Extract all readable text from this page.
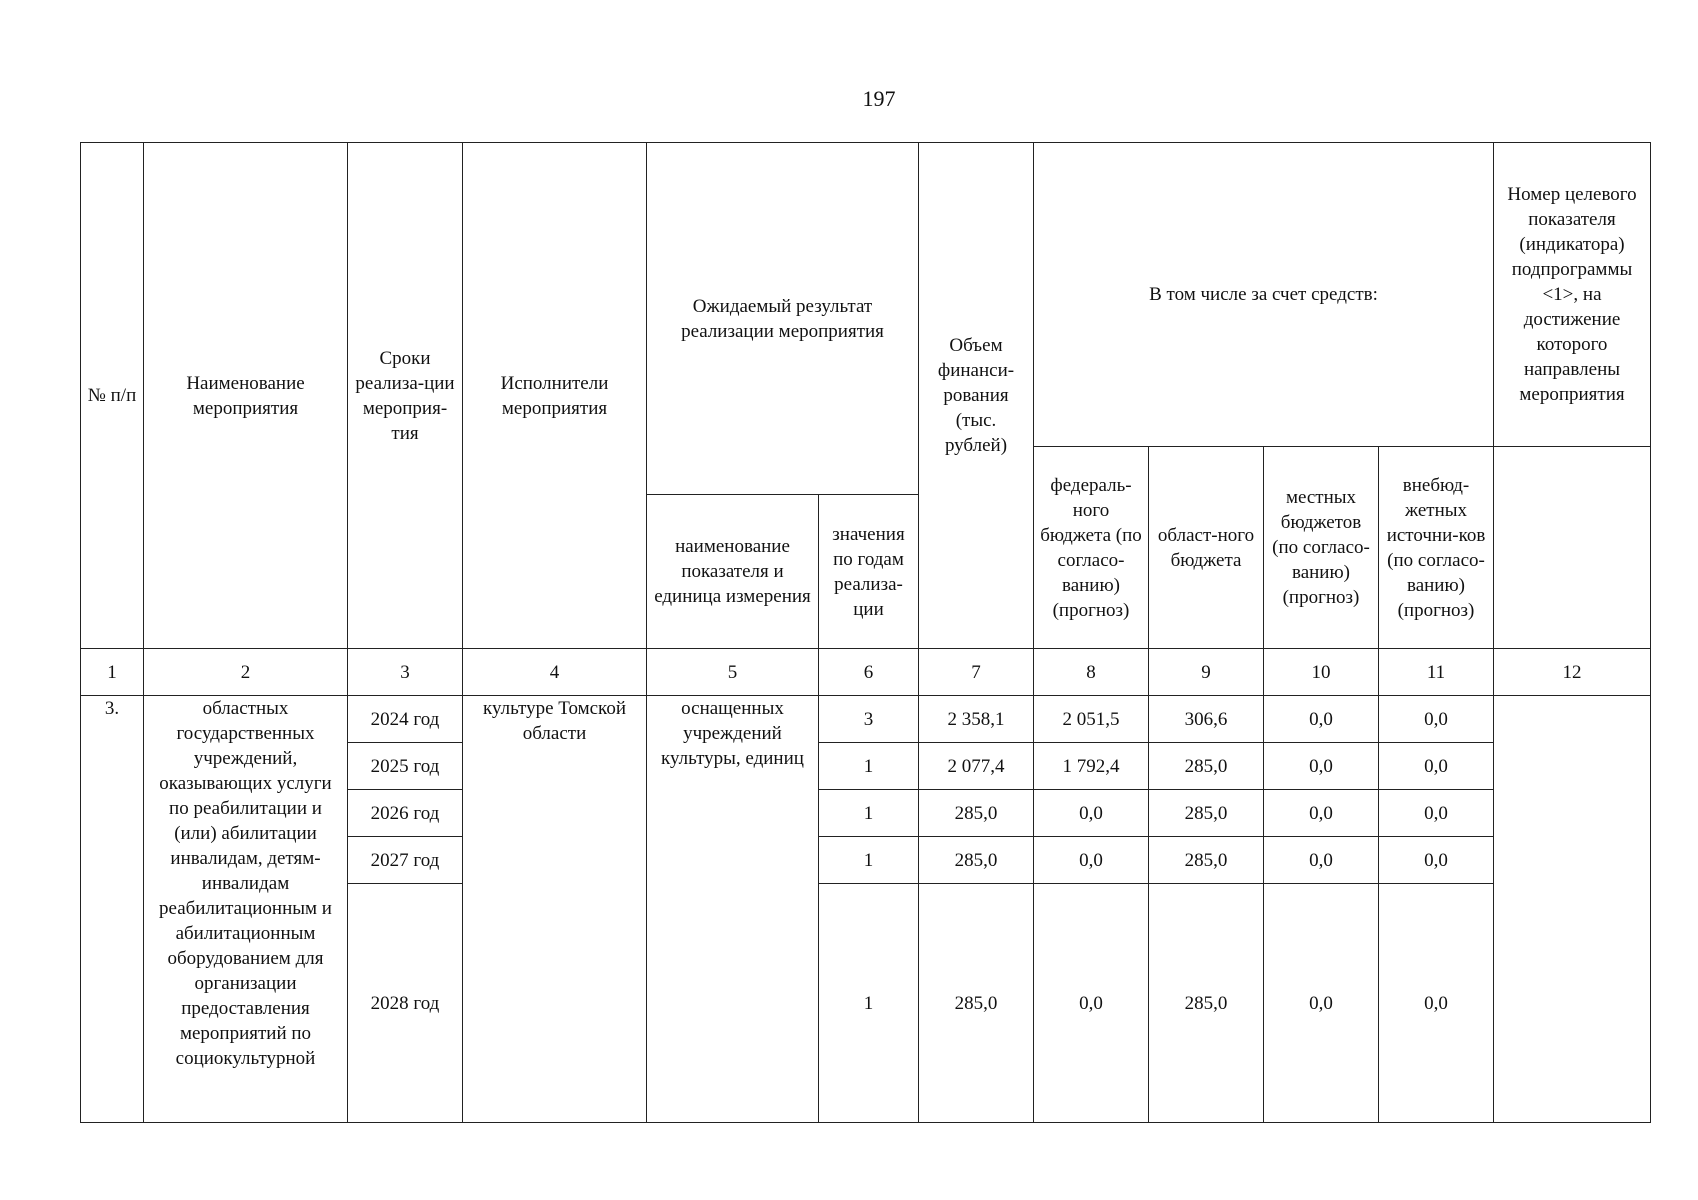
197
№ п/п	Наименование мероприятия	Сроки реализа-ции мероприя-тия	Исполнители мероприятия	Ожидаемый результат реализации мероприятия		Объем финанси-рования (тыс. рублей)	В том числе за счет средств:				Номер целевого показателя (индикатора) подпрограммы <1>, на достижение которого направлены мероприятия
							федераль-ного бюджета (по согласо-ванию) (прогноз)	област-ного бюджета	местных бюджетов (по согласо-ванию) (прогноз)	внебюд-жетных источни-ков (по согласо-ванию) (прогноз)	
				наименование показателя и единица измерения	значения по годам реализа-ции						
1	2	3	4	5	6	7	8	9	10	11	12
3.	областных государственных учреждений, оказывающих услуги по реабилитации и (или) абилитации инвалидам, детям-инвалидам реабилитационным и абилитационным оборудованием для организации предоставления мероприятий по социокультурной	2024 год	культуре Томской области	оснащенных учреждений культуры, единиц	3	2 358,1	2 051,5	306,6	0,0	0,0	
		2025 год			1	2 077,4	1 792,4	285,0	0,0	0,0	
		2026 год			1	285,0	0,0	285,0	0,0	0,0	
		2027 год			1	285,0	0,0	285,0	0,0	0,0	
		2028 год			1	285,0	0,0	285,0	0,0	0,0	
